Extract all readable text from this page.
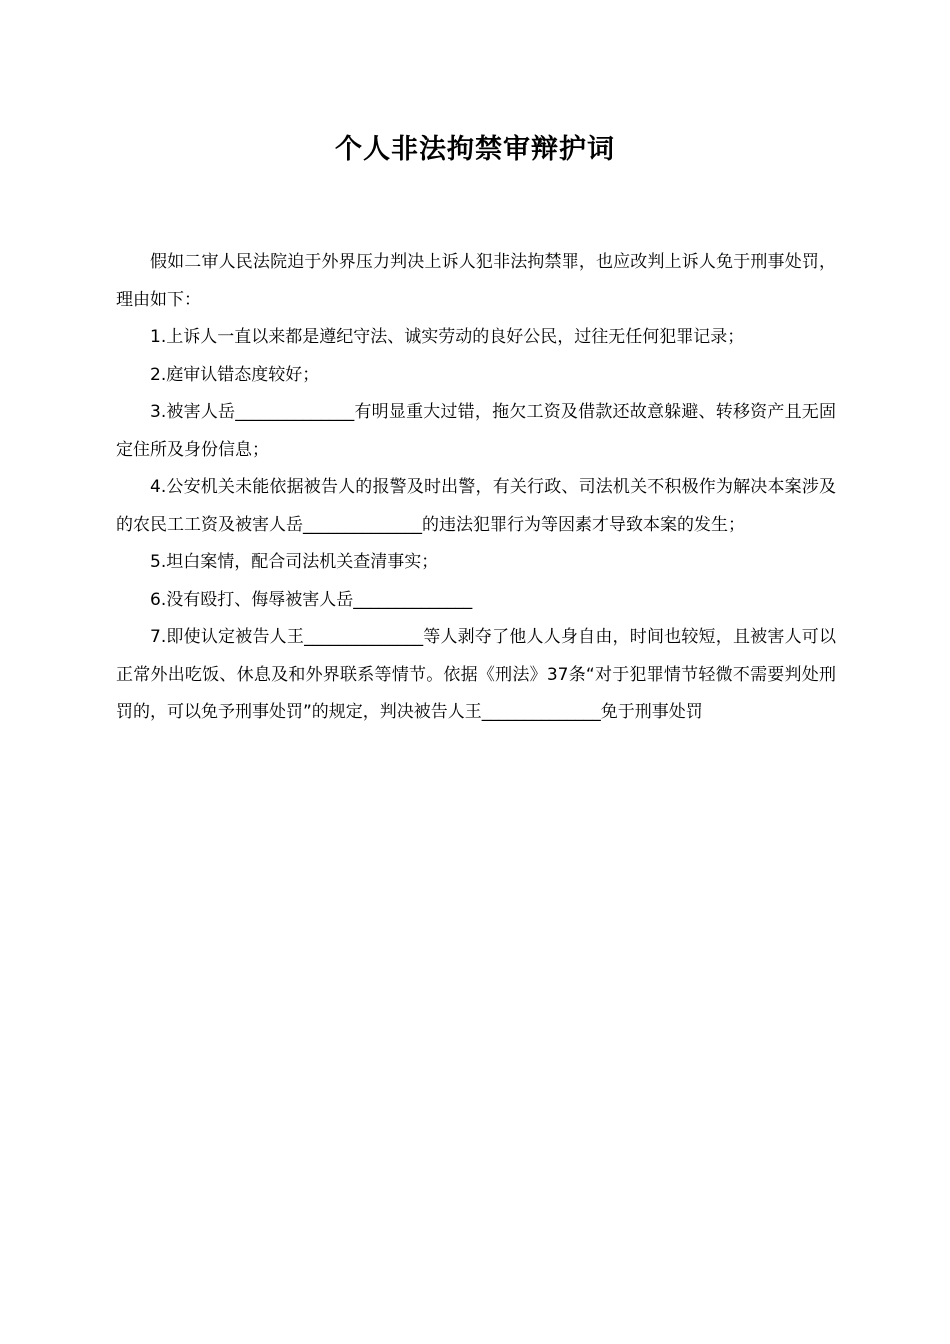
个人非法拘禁审辩护词

假如二审人民法院迫于外界压力判决上诉人犯非法拘禁罪，也应改判上诉人免于刑事处罚，理由如下：

1.上诉人一直以来都是遵纪守法、诚实劳动的良好公民，过往无任何犯罪记录；

2.庭审认错态度较好；

3.被害人岳______________有明显重大过错，拖欠工资及借款还故意躲避、转移资产且无固定住所及身份信息；

4.公安机关未能依据被告人的报警及时出警，有关行政、司法机关不积极作为解决本案涉及的农民工工资及被害人岳______________的违法犯罪行为等因素才导致本案的发生；

5.坦白案情，配合司法机关查清事实；

6.没有殴打、侮辱被害人岳______________

7.即使认定被告人王______________等人剥夺了他人人身自由，时间也较短，且被害人可以正常外出吃饭、休息及和外界联系等情节。依据《刑法》37条“对于犯罪情节轻微不需要判处刑罚的，可以免予刑事处罚”的规定，判决被告人王______________免于刑事处罚
